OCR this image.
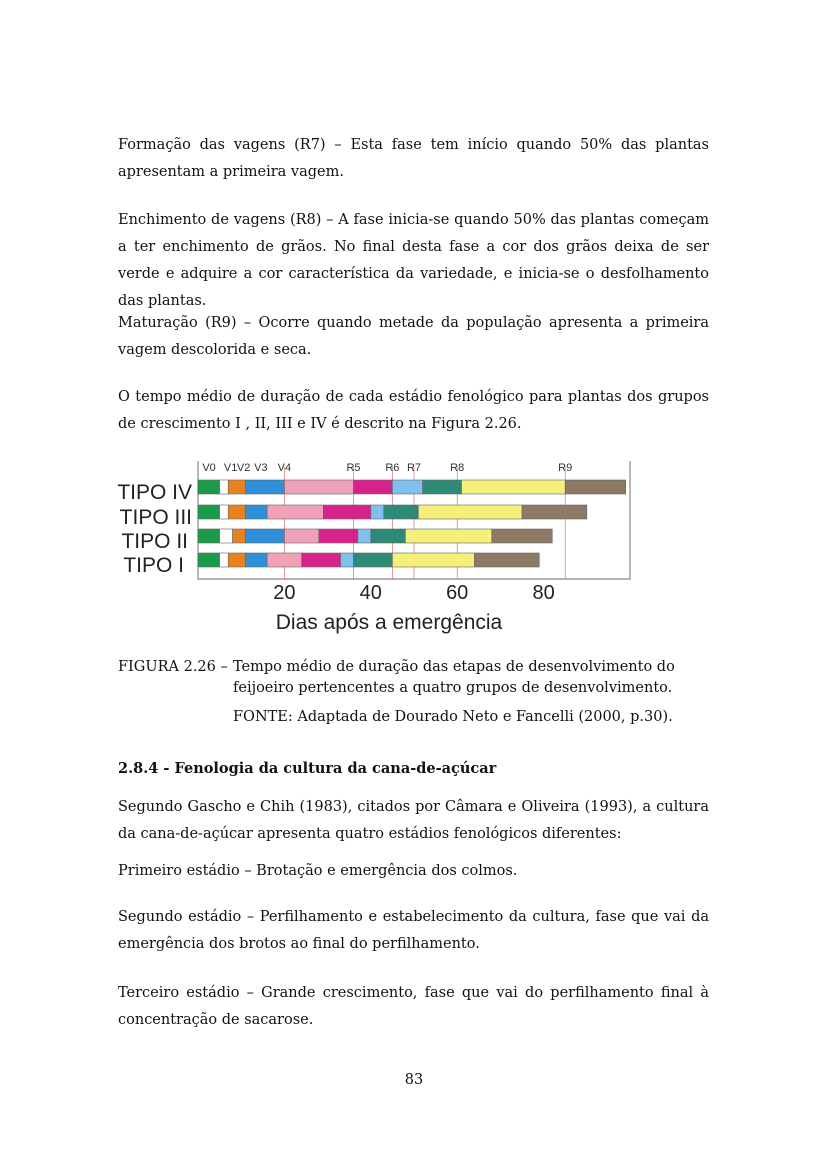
Formação das vagens (R7) – Esta fase tem início quando 50% das plantas apresentam a primeira vagem.

Enchimento de vagens (R8) – A fase inicia-se quando 50% das plantas começam a ter enchimento de grãos. No final desta fase a cor dos grãos deixa de ser verde e adquire a cor característica da variedade, e inicia-se o desfolhamento das plantas.

Maturação (R9) – Ocorre quando metade da população apresenta a primeira vagem descolorida e seca.

O tempo médio de duração de cada estádio fenológico para plantas dos grupos de crescimento I , II, III e IV é descrito na Figura 2.26.

V0 V1 V2 V3 V4	R5 R6 R7	R8	R9
TIPO IV
TIPO III
TIPO II
TIPO I
20	40	60	80
Dias após a emergência
FIGURA 2.26 – Tempo médio de duração das etapas de desenvolvimento do feijoeiro pertencentes a quatro grupos de desenvolvimento.
FONTE: Adaptada de Dourado Neto e Fancelli (2000, p.30).
2.8.4 - Fenologia da cultura da cana-de-açúcar

Segundo Gascho e Chih (1983), citados por Câmara e Oliveira (1993), a cultura da cana-de-açúcar apresenta quatro estádios fenológicos diferentes:

Primeiro estádio – Brotação e emergência dos colmos.

Segundo estádio – Perfilhamento e estabelecimento da cultura, fase que vai da emergência dos brotos ao final do perfilhamento.

Terceiro estádio – Grande crescimento, fase que vai do perfilhamento final à concentração de sacarose.

83
